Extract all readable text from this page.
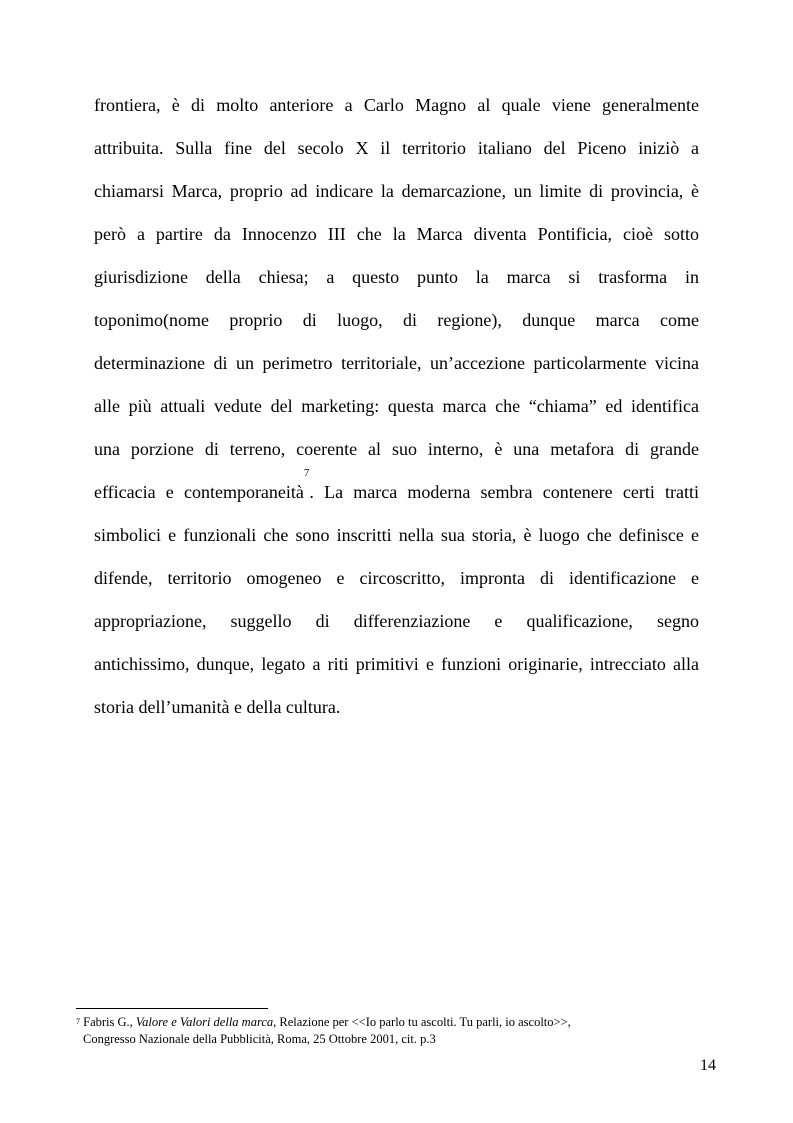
frontiera, è di molto anteriore a Carlo Magno al quale viene generalmente
attribuita. Sulla fine del secolo X il territorio italiano del Piceno iniziò a
chiamarsi Marca, proprio ad indicare la demarcazione, un limite di provincia, è
però a partire da Innocenzo III che la Marca diventa Pontificia, cioè sotto
giurisdizione della chiesa; a questo punto la marca si trasforma in
toponimo(nome proprio di luogo, di regione), dunque marca come
determinazione di un perimetro territoriale, un’accezione particolarmente vicina
alle più attuali vedute del marketing: questa marca che “chiama” ed identifica
una porzione di terreno, coerente al suo interno, è una metafora di grande
efficacia e contemporaneità$^7$. La marca moderna sembra contenere certi tratti
simbolici e funzionali che sono inscritti nella sua storia, è luogo che definisce e
difende, territorio omogeneo e circoscritto, impronta di identificazione e
appropriazione, suggello di differenziazione e qualificazione, segno
antichissimo, dunque, legato a riti primitivi e funzioni originarie, intrecciato alla
storia dell’umanità e della cultura.
$^7$ Fabris G., Valore e Valori della marca, Relazione per <<Io parlo tu ascolti. Tu parli, io ascolto>>,
Congresso Nazionale della Pubblicità, Roma, 25 Ottobre 2001, cit. p.3
14
